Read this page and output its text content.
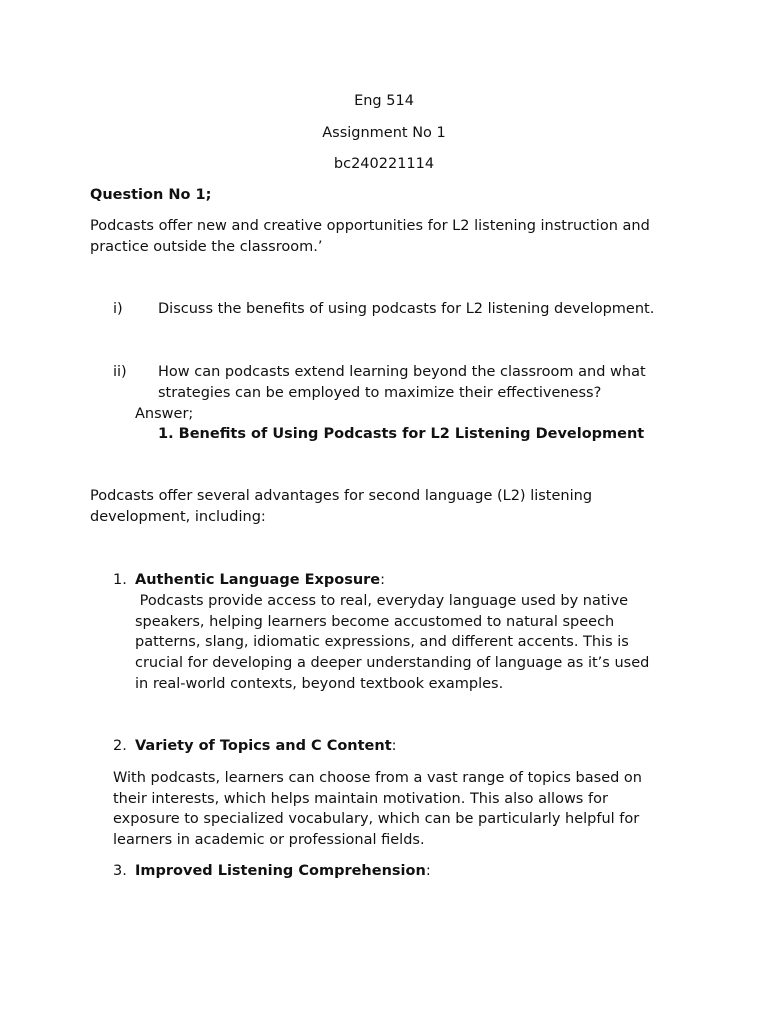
Eng 514
Assignment No 1
bc240221114
Question No 1;
Podcasts offer new and creative opportunities for L2 listening instruction and
practice outside the classroom.’
i) Discuss the benefits of using podcasts for L2 listening development.
ii) How can podcasts extend learning beyond the classroom and what
strategies can be employed to maximize their effectiveness?
Answer;
1. Benefits of Using Podcasts for L2 Listening Development
Podcasts offer several advantages for second language (L2) listening
development, including:
1. Authentic Language Exposure:
Podcasts provide access to real, everyday language used by native
speakers, helping learners become accustomed to natural speech
patterns, slang, idiomatic expressions, and different accents. This is
crucial for developing a deeper understanding of language as it’s used
in real-world contexts, beyond textbook examples.
2. Variety of Topics and C Content:
With podcasts, learners can choose from a vast range of topics based on
their interests, which helps maintain motivation. This also allows for
exposure to specialized vocabulary, which can be particularly helpful for
learners in academic or professional fields.
3. Improved Listening Comprehension:
